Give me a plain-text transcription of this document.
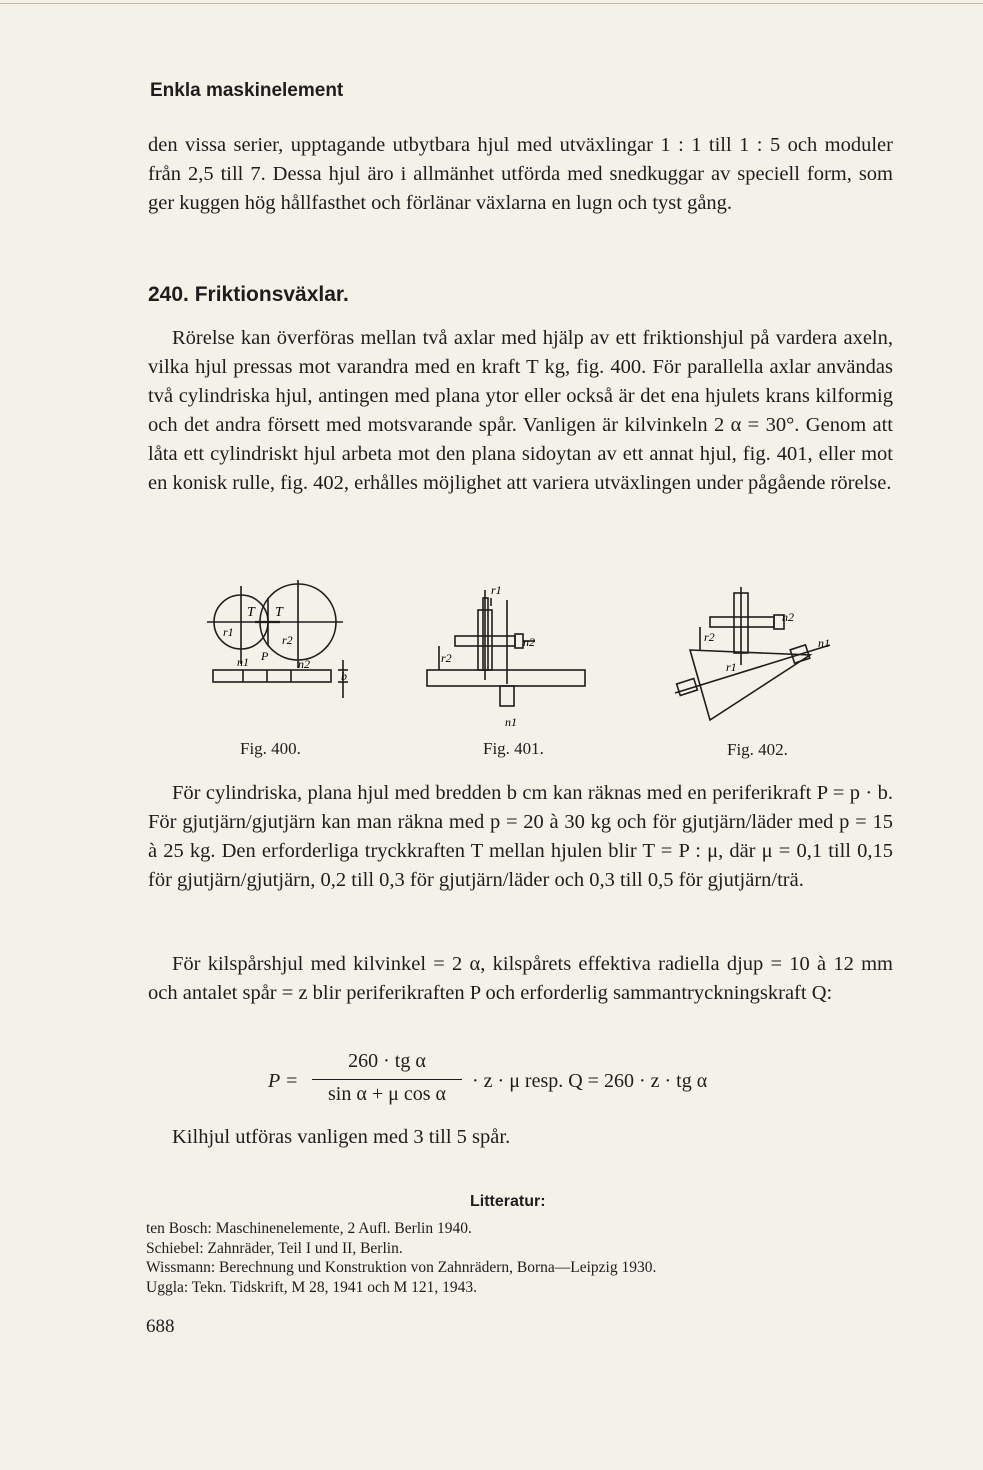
Enkla maskinelement
den vissa serier, upptagande utbytbara hjul med utväxlingar 1 : 1 till 1 : 5 och moduler från 2,5 till 7. Dessa hjul äro i allmänhet utförda med snedkuggar av speciell form, som ger kuggen hög hållfasthet och förlänar växlarna en lugn och tyst gång.
240. Friktionsväxlar.
Rörelse kan överföras mellan två axlar med hjälp av ett friktionshjul på vardera axeln, vilka hjul pressas mot varandra med en kraft T kg, fig. 400. För parallella axlar användas två cylindriska hjul, antingen med plana ytor eller också är det ena hjulets krans kilformig och det andra försett med motsvarande spår. Vanligen är kilvinkeln 2 α = 30°. Genom att låta ett cylindriskt hjul arbeta mot den plana sidoytan av ett annat hjul, fig. 401, eller mot en konisk rulle, fig. 402, erhålles möjlighet att variera utväxlingen under pågående rörelse.
T T
r1
r2
n1 P
n2
b
Fig. 400.
r1
n2
r2
n1
Fig. 401.
n2
r2
r1
n1
Fig. 402.
För cylindriska, plana hjul med bredden b cm kan räknas med en periferikraft P = p · b. För gjutjärn/gjutjärn kan man räkna med p = 20 à 30 kg och för gjutjärn/läder med p = 15 à 25 kg. Den erforderliga tryckkraften T mellan hjulen blir T = P : μ, där μ = 0,1 till 0,15 för gjutjärn/gjutjärn, 0,2 till 0,3 för gjutjärn/läder och 0,3 till 0,5 för gjutjärn/trä.
För kilspårshjul med kilvinkel = 2 α, kilspårets effektiva radiella djup = 10 à 12 mm och antalet spår = z blir periferikraften P och erforderlig sammantryckningskraft Q:
P =
260 · tg α
sin α + μ cos α
· z · μ resp. Q = 260 · z · tg α
Kilhjul utföras vanligen med 3 till 5 spår.
Litteratur:
ten Bosch: Maschinenelemente, 2 Aufl. Berlin 1940.
Schiebel: Zahnräder, Teil I und II, Berlin.
Wissmann: Berechnung und Konstruktion von Zahnrädern, Borna—Leipzig 1930.
Uggla: Tekn. Tidskrift, M 28, 1941 och M 121, 1943.
688
